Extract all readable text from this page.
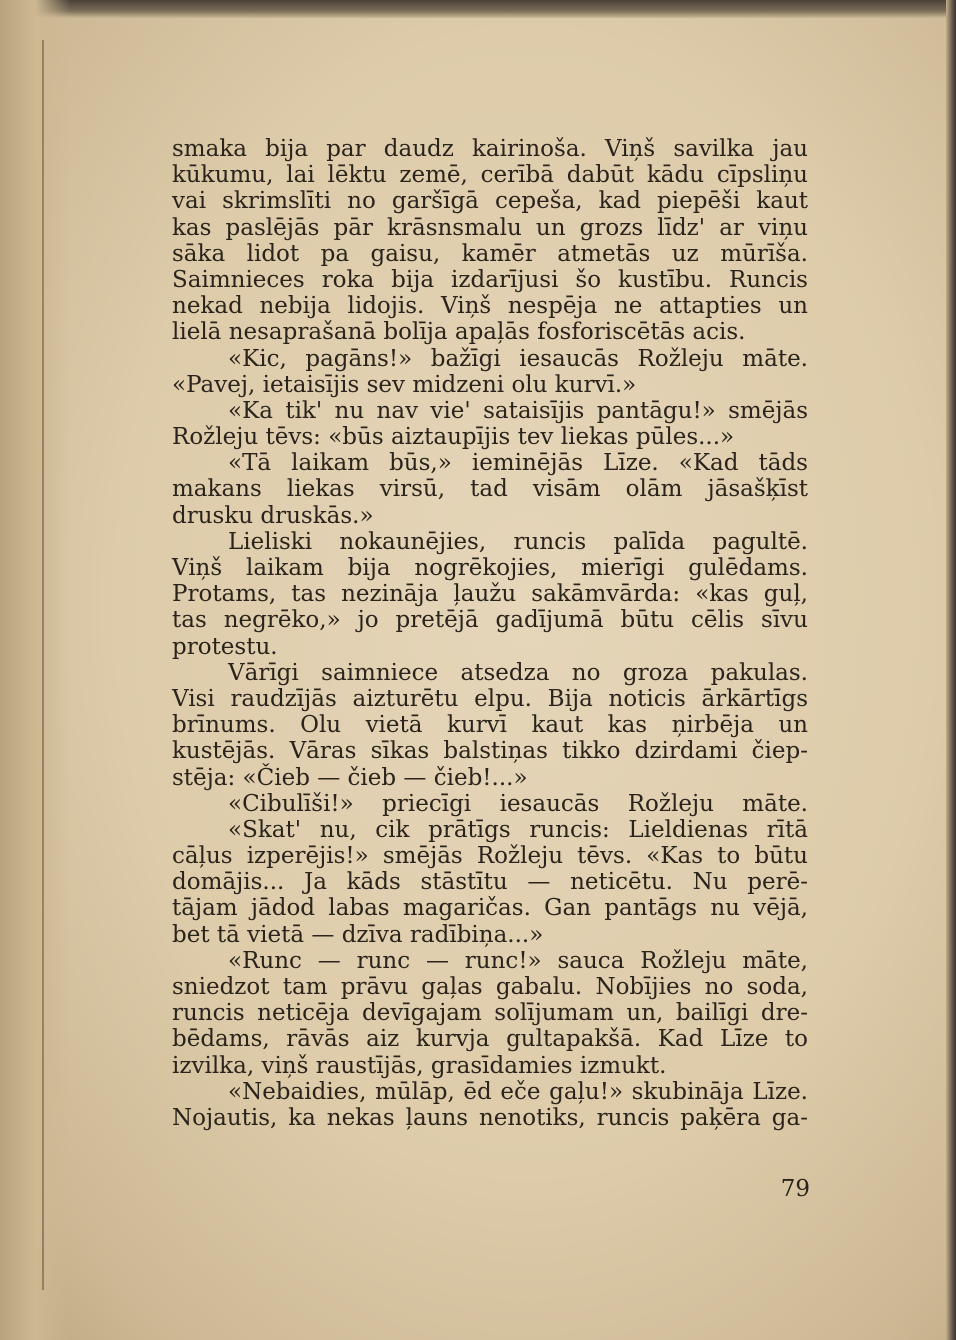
smaka bija par daudz kairinoša. Viņš savilka jau
kūkumu, lai lēktu zemē, cerībā dabūt kādu cīpsliņu
vai skrimslīti no garšīgā cepeša, kad piepēši kaut
kas paslējās pār krāsnsmalu un grozs līdz' ar viņu
sāka lidot pa gaisu, kamēr atmetās uz mūrīša.
Saimnieces roka bija izdarījusi šo kustību. Runcis
nekad nebija lidojis. Viņš nespēja ne attapties un
lielā nesaprašanā bolīja apaļās fosforiscētās acis.
«Kic, pagāns!» bažīgi iesaucās Rožleju māte.
«Pavej, ietaisījis sev midzeni olu kurvī.»
«Ka tik' nu nav vie' sataisījis pantāgu!» smējās
Rožleju tēvs: «būs aiztaupījis tev liekas pūles...»
«Tā laikam būs,» ieminējās Līze. «Kad tāds
makans liekas virsū, tad visām olām jāsašķīst
drusku druskās.»
Lieliski nokaunējies, runcis palīda pagultē.
Viņš laikam bija nogrēkojies, mierīgi gulēdams.
Protams, tas nezināja ļaužu sakāmvārda: «kas guļ,
tas negrēko,» jo pretējā gadījumā būtu cēlis sīvu
protestu.
Vārīgi saimniece atsedza no groza pakulas.
Visi raudzījās aizturētu elpu. Bija noticis ārkārtīgs
brīnums. Olu vietā kurvī kaut kas ņirbēja un
kustējās. Vāras sīkas balstiņas tikko dzirdami čiep-
stēja: «Čieb — čieb — čieb!...»
«Cibulīši!» priecīgi iesaucās Rožleju māte.
«Skat' nu, cik prātīgs runcis: Lieldienas rītā
cāļus izperējis!» smējās Rožleju tēvs. «Kas to būtu
domājis... Ja kāds stāstītu — neticētu. Nu perē-
tājam jādod labas magaričas. Gan pantāgs nu vējā,
bet tā vietā — dzīva radībiņa...»
«Runc — runc — runc!» sauca Rožleju māte,
sniedzot tam prāvu gaļas gabalu. Nobījies no soda,
runcis neticēja devīgajam solījumam un, bailīgi dre-
bēdams, rāvās aiz kurvja gultapakšā. Kad Līze to
izvilka, viņš raustījās, grasīdamies izmukt.
«Nebaidies, mūlāp, ēd eče gaļu!» skubināja Līze.
Nojautis, ka nekas ļauns nenotiks, runcis paķēra ga-
79
